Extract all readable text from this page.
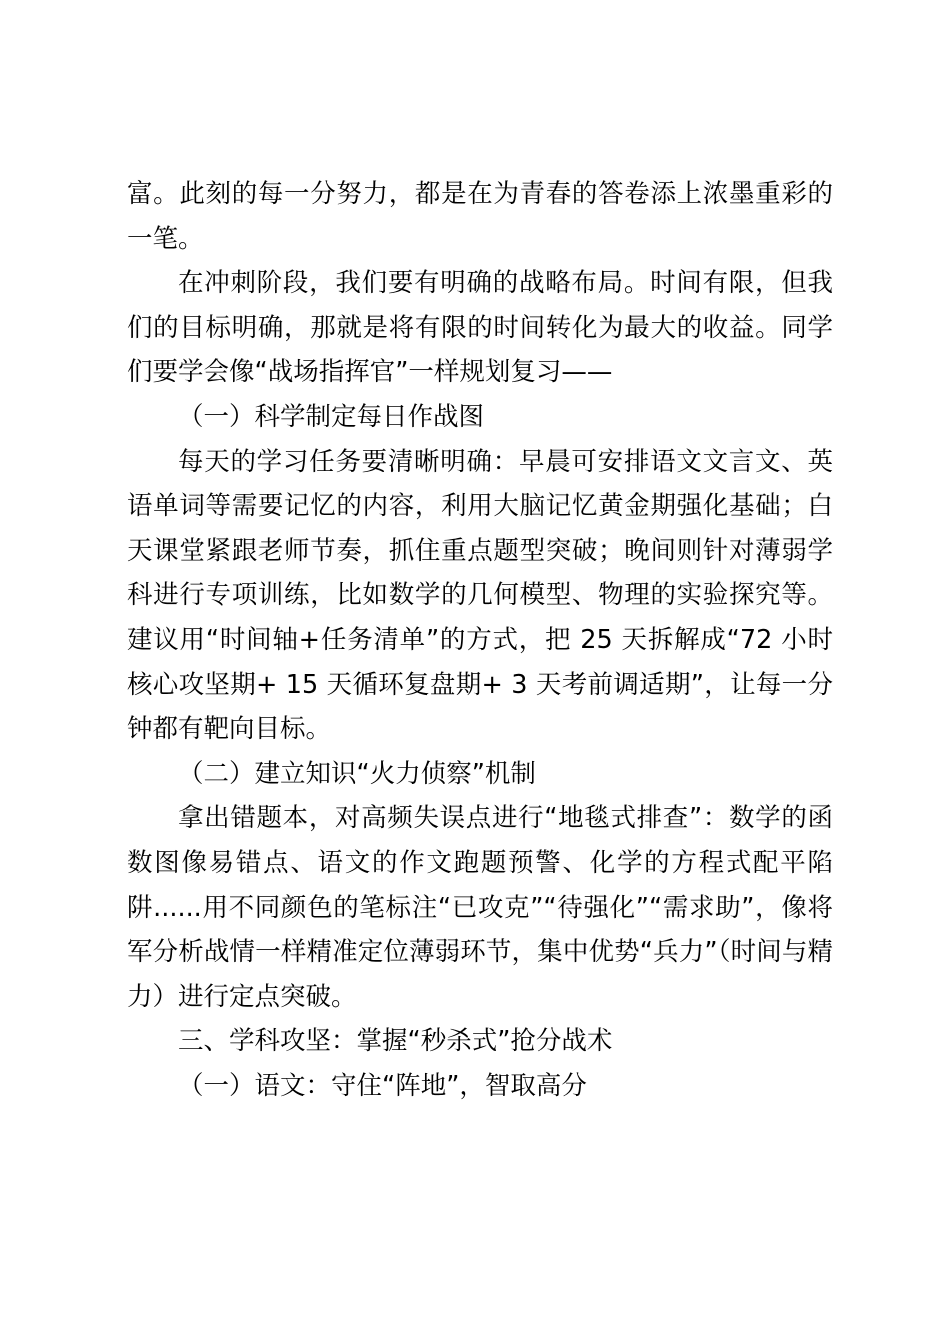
富。此刻的每一分努力，都是在为青春的答卷添上浓墨重彩的一笔。

在冲刺阶段，我们要有明确的战略布局。时间有限，但我们的目标明确，那就是将有限的时间转化为最大的收益。同学们要学会像“战场指挥官”一样规划复习——

（一）科学制定每日作战图

每天的学习任务要清晰明确：早晨可安排语文文言文、英语单词等需要记忆的内容，利用大脑记忆黄金期强化基础；白天课堂紧跟老师节奏，抓住重点题型突破；晚间则针对薄弱学科进行专项训练，比如数学的几何模型、物理的实验探究等。建议用“时间轴+任务清单”的方式，把 25 天拆解成“72 小时核心攻坚期+ 15 天循环复盘期+ 3 天考前调适期”，让每一分钟都有靶向目标。

（二）建立知识“火力侦察”机制

拿出错题本，对高频失误点进行“地毯式排查”：数学的函数图像易错点、语文的作文跑题预警、化学的方程式配平陷阱......用不同颜色的笔标注“已攻克”“待强化”“需求助”，像将军分析战情一样精准定位薄弱环节，集中优势“兵力”（时间与精力）进行定点突破。

三、学科攻坚：掌握“秒杀式”抢分战术

（一）语文：守住“阵地”，智取高分
